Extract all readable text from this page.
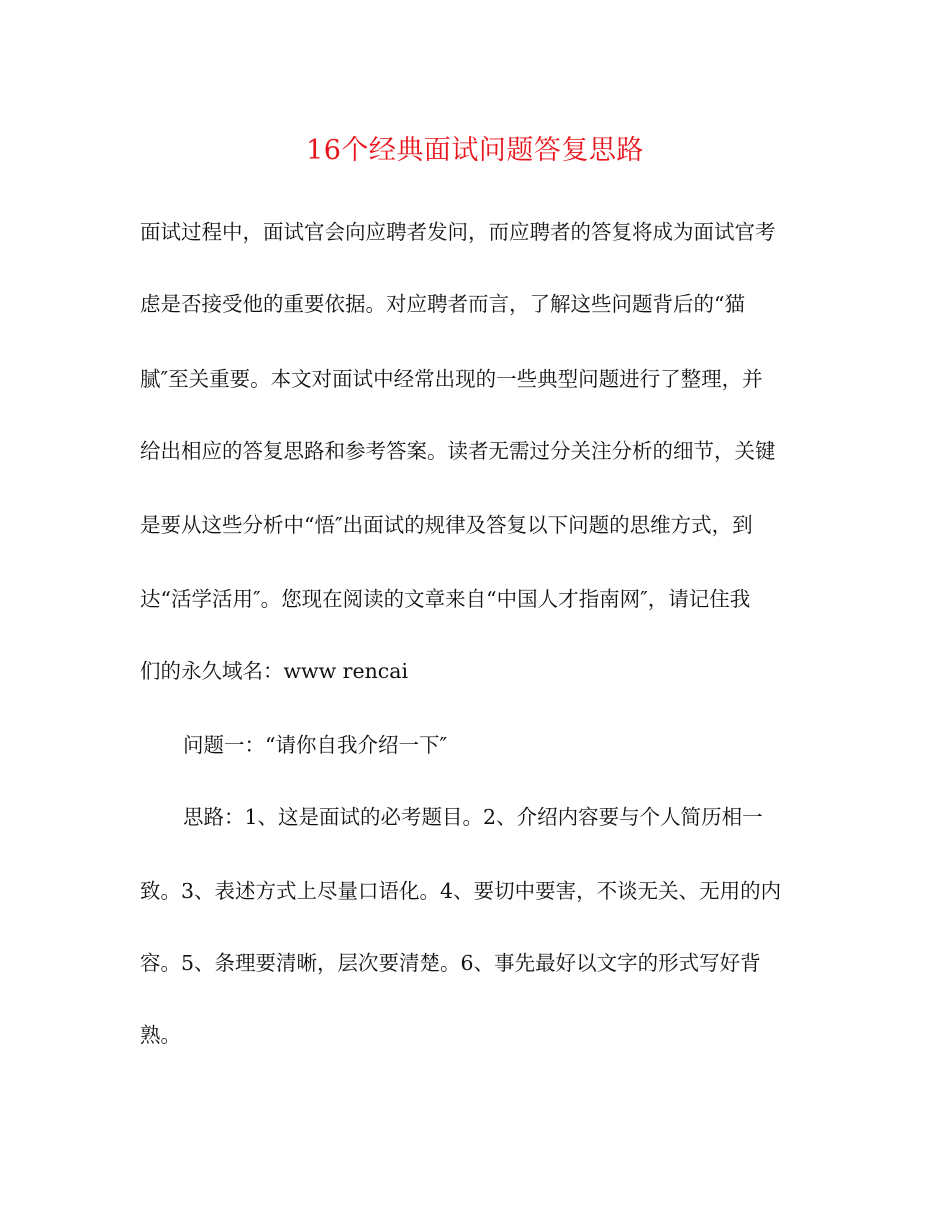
16个经典面试问题答复思路
面试过程中，面试官会向应聘者发问，而应聘者的答复将成为面试官考
虑是否接受他的重要依据。对应聘者而言，了解这些问题背后的“猫
腻″至关重要。本文对面试中经常出现的一些典型问题进行了整理，并
给出相应的答复思路和参考答案。读者无需过分关注分析的细节，关键
是要从这些分析中“悟″出面试的规律及答复以下问题的思维方式，到
达“活学活用″。您现在阅读的文章来自“中国人才指南网″，请记住我
们的永久域名：www rencai
问题一：“请你自我介绍一下″
思路：1、这是面试的必考题目。2、介绍内容要与个人简历相一
致。3、表述方式上尽量口语化。4、要切中要害，不谈无关、无用的内
容。5、条理要清晰，层次要清楚。6、事先最好以文字的形式写好背
熟。
